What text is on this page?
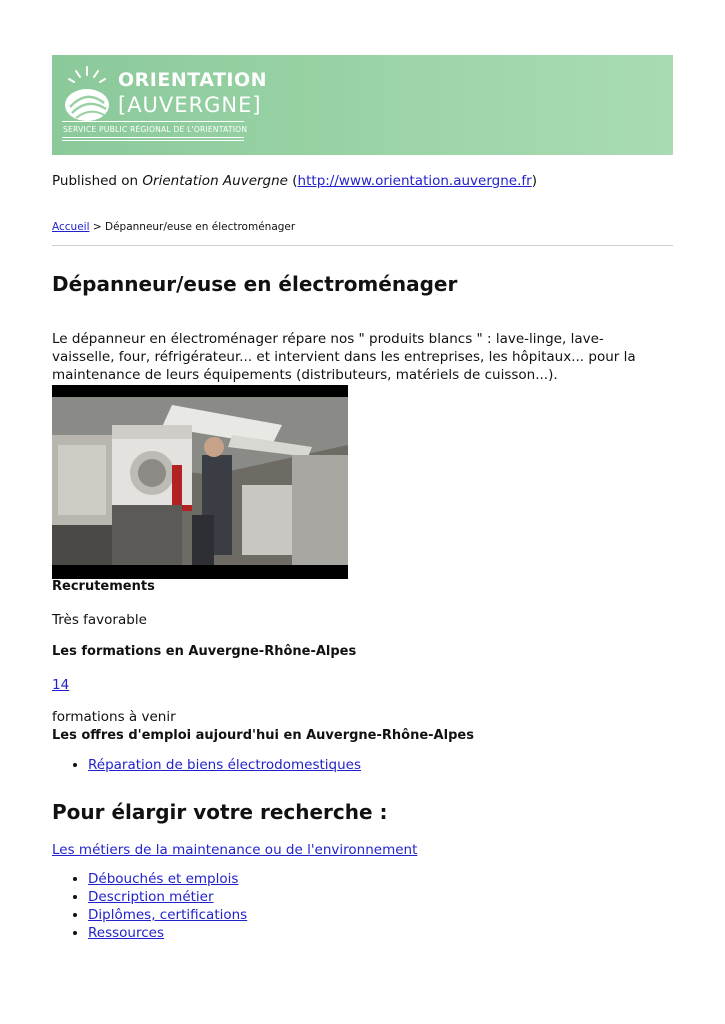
ORIENTATION
[AUVERGNE]
SERVICE PUBLIC RÉGIONAL DE L'ORIENTATION
Published on Orientation Auvergne (http://www.orientation.auvergne.fr)
Accueil > Dépanneur/euse en électroménager
Dépanneur/euse en électroménager

Le dépanneur en électroménager répare nos " produits blancs " : lave-linge, lave-vaisselle, four, réfrigérateur... et intervient dans les entreprises, les hôpitaux... pour la maintenance de leurs équipements (distributeurs, matériels de cuisson...).

Recrutements

Très favorable

Les formations en Auvergne-Rhône-Alpes

14

formations à venir

Les offres d'emploi aujourd'hui en Auvergne-Rhône-Alpes

• Réparation de biens électrodomestiques
Pour élargir votre recherche :
Les métiers de la maintenance ou de l'environnement
• Débouchés et emplois
• Description métier
• Diplômes, certifications
• Ressources
